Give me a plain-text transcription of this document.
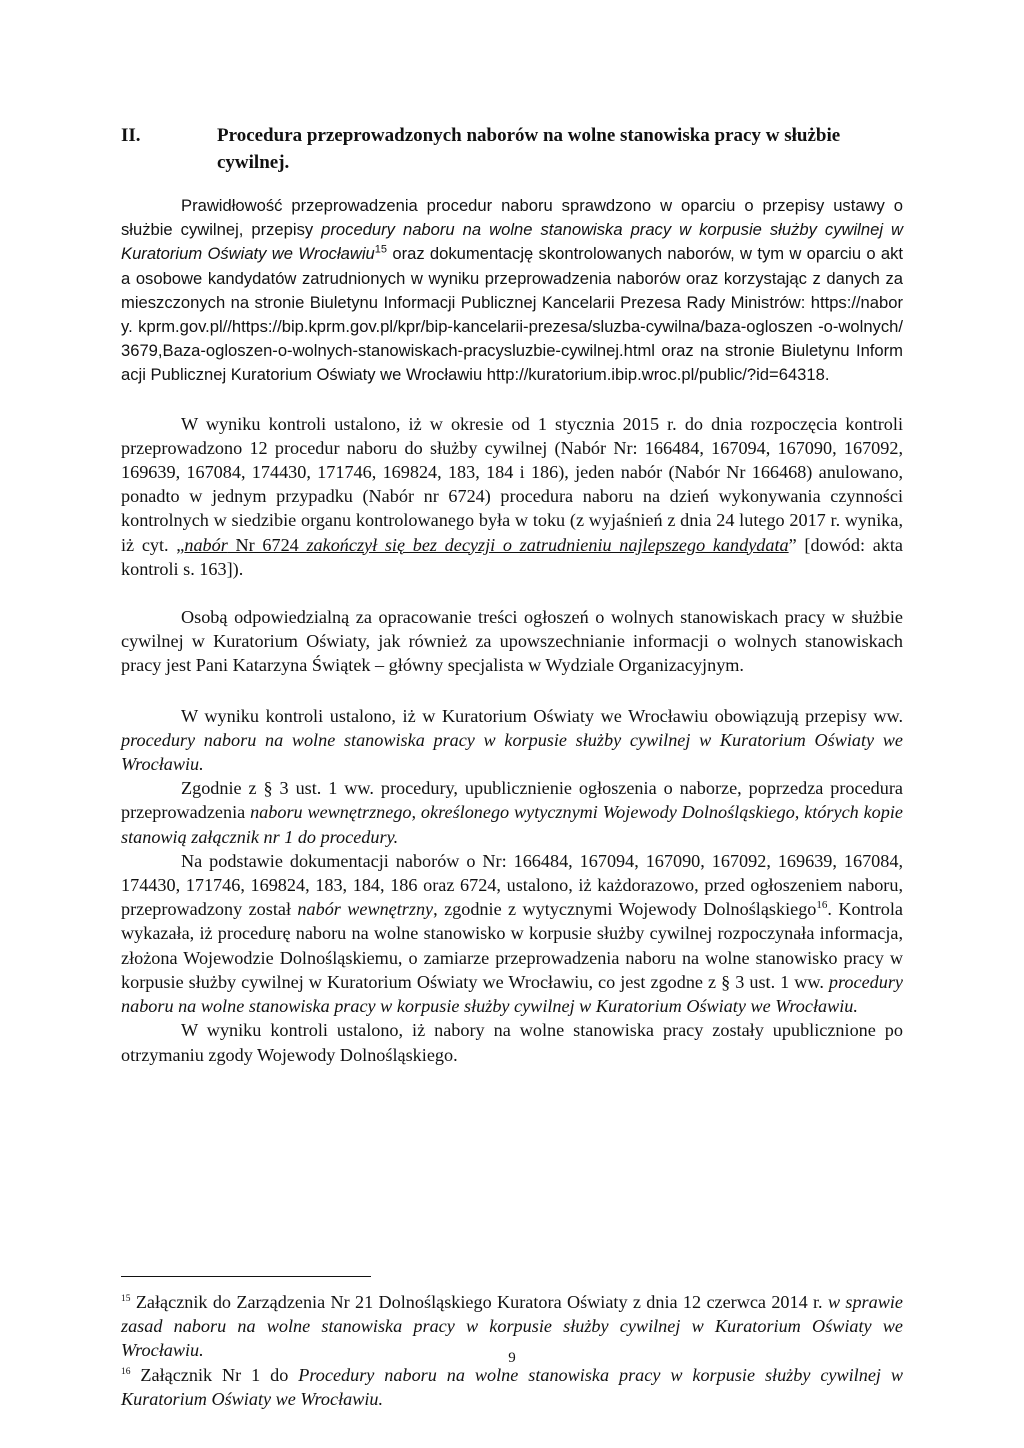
II.	Procedura przeprowadzonych naborów na wolne stanowiska pracy w służbie cywilnej.

Prawidłowość przeprowadzenia procedur naboru sprawdzono w oparciu o przepisy ustawy o służbie cywilnej, przepisy procedury naboru na wolne stanowiska pracy w korpusie służby cywilnej w Kuratorium Oświaty we Wrocławiu$^{15}$ oraz dokumentację skontrolowanych naborów, w tym w oparciu o akta osobowe kandydatów zatrudnionych w wyniku przeprowadzenia naborów oraz korzystając z danych zamieszczonych na stronie Biuletynu Informacji Publicznej Kancelarii Prezesa Rady Ministrów: https://nabory. kprm.gov.pl//https://bip.kprm.gov.pl/kpr/bip-kancelarii-prezesa/sluzba-cywilna/baza-ogloszen -o-wolnych/3679,Baza-ogloszen-o-wolnych-stanowiskach-pracysluzbie-cywilnej.html oraz na stronie Biuletynu Informacji Publicznej Kuratorium Oświaty we Wrocławiu http://kuratorium.ibip.wroc.pl/public/?id=64318.

W wyniku kontroli ustalono, iż w okresie od 1 stycznia 2015 r. do dnia rozpoczęcia kontroli przeprowadzono 12 procedur naboru do służby cywilnej (Nabór Nr: 166484, 167094, 167090, 167092, 169639, 167084, 174430, 171746, 169824, 183, 184 i 186), jeden nabór (Nabór Nr 166468) anulowano, ponadto w jednym przypadku (Nabór nr 6724) procedura naboru na dzień wykonywania czynności kontrolnych w siedzibie organu kontrolowanego była w toku (z wyjaśnień z dnia 24 lutego 2017 r. wynika, iż cyt. „nabór Nr 6724 zakończył się bez decyzji o zatrudnieniu najlepszego kandydata” [dowód: akta kontroli s. 163]).

Osobą odpowiedzialną za opracowanie treści ogłoszeń o wolnych stanowiskach pracy w służbie cywilnej w Kuratorium Oświaty, jak również za upowszechnianie informacji o wolnych stanowiskach pracy jest Pani Katarzyna Świątek – główny specjalista w Wydziale Organizacyjnym.

W wyniku kontroli ustalono, iż w Kuratorium Oświaty we Wrocławiu obowiązują przepisy ww. procedury naboru na wolne stanowiska pracy w korpusie służby cywilnej w Kuratorium Oświaty we Wrocławiu.

Zgodnie z § 3 ust. 1 ww. procedury, upublicznienie ogłoszenia o naborze, poprzedza procedura przeprowadzenia naboru wewnętrznego, określonego wytycznymi Wojewody Dolnośląskiego, których kopie stanowią załącznik nr 1 do procedury.

Na podstawie dokumentacji naborów o Nr: 166484, 167094, 167090, 167092, 169639, 167084, 174430, 171746, 169824, 183, 184, 186 oraz 6724, ustalono, iż każdorazowo, przed ogłoszeniem naboru, przeprowadzony został nabór wewnętrzny, zgodnie z wytycznymi Wojewody Dolnośląskiego$^{16}$. Kontrola wykazała, iż procedurę naboru na wolne stanowisko w korpusie służby cywilnej rozpoczynała informacja, złożona Wojewodzie Dolnośląskiemu, o zamiarze przeprowadzenia naboru na wolne stanowisko pracy w korpusie służby cywilnej w Kuratorium Oświaty we Wrocławiu, co jest zgodne z § 3 ust. 1 ww. procedury naboru na wolne stanowiska pracy w korpusie służby cywilnej w Kuratorium Oświaty we Wrocławiu.

W wyniku kontroli ustalono, iż nabory na wolne stanowiska pracy zostały upublicznione po otrzymaniu zgody Wojewody Dolnośląskiego.

$^{15}$ Załącznik do Zarządzenia Nr 21 Dolnośląskiego Kuratora Oświaty z dnia 12 czerwca 2014 r. w sprawie zasad naboru na wolne stanowiska pracy w korpusie służby cywilnej w Kuratorium Oświaty we Wrocławiu.

$^{16}$ Załącznik Nr 1 do Procedury naboru na wolne stanowiska pracy w korpusie służby cywilnej w Kuratorium Oświaty we Wrocławiu.

9
